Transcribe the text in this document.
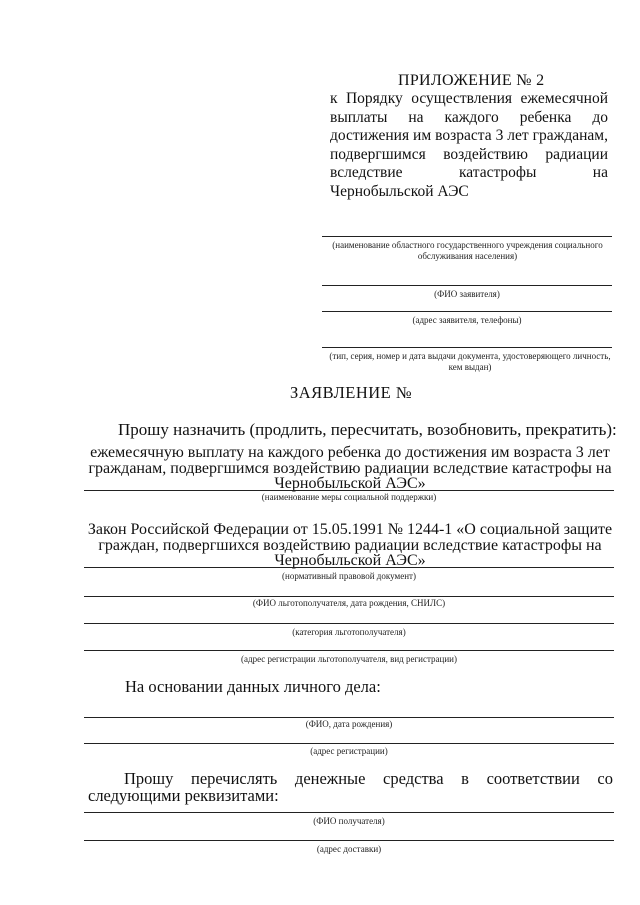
ПРИЛОЖЕНИЕ № 2
к Порядку осуществления ежемесячной выплаты на каждого ребенка до достижения им возраста 3 лет гражданам, подвергшимся воздействию радиации вследствие катастрофы на Чернобыльской АЭС
(наименование областного государственного учреждения социального обслуживания населения)
(ФИО заявителя)
(адрес заявителя, телефоны)
(тип, серия, номер и дата выдачи документа, удостоверяющего личность, кем выдан)
ЗАЯВЛЕНИЕ №
Прошу назначить (продлить, пересчитать, возобновить, прекратить):
ежемесячную выплату на каждого ребенка до достижения им возраста 3 лет гражданам, подвергшимся воздействию радиации вследствие катастрофы на Чернобыльской АЭС»
(наименование меры социальной поддержки)
Закон Российской Федерации от 15.05.1991 № 1244-1 «О социальной защите граждан, подвергшихся воздействию радиации вследствие катастрофы на Чернобыльской АЭС»
(нормативный правовой документ)
(ФИО льготополучателя, дата рождения, СНИЛС)
(категория льготополучателя)
(адрес регистрации льготополучателя, вид регистрации)
На основании данных личного дела:
(ФИО, дата рождения)
(адрес регистрации)
Прошу перечислять денежные средства в соответствии со следующими реквизитами:
(ФИО получателя)
(адрес доставки)
